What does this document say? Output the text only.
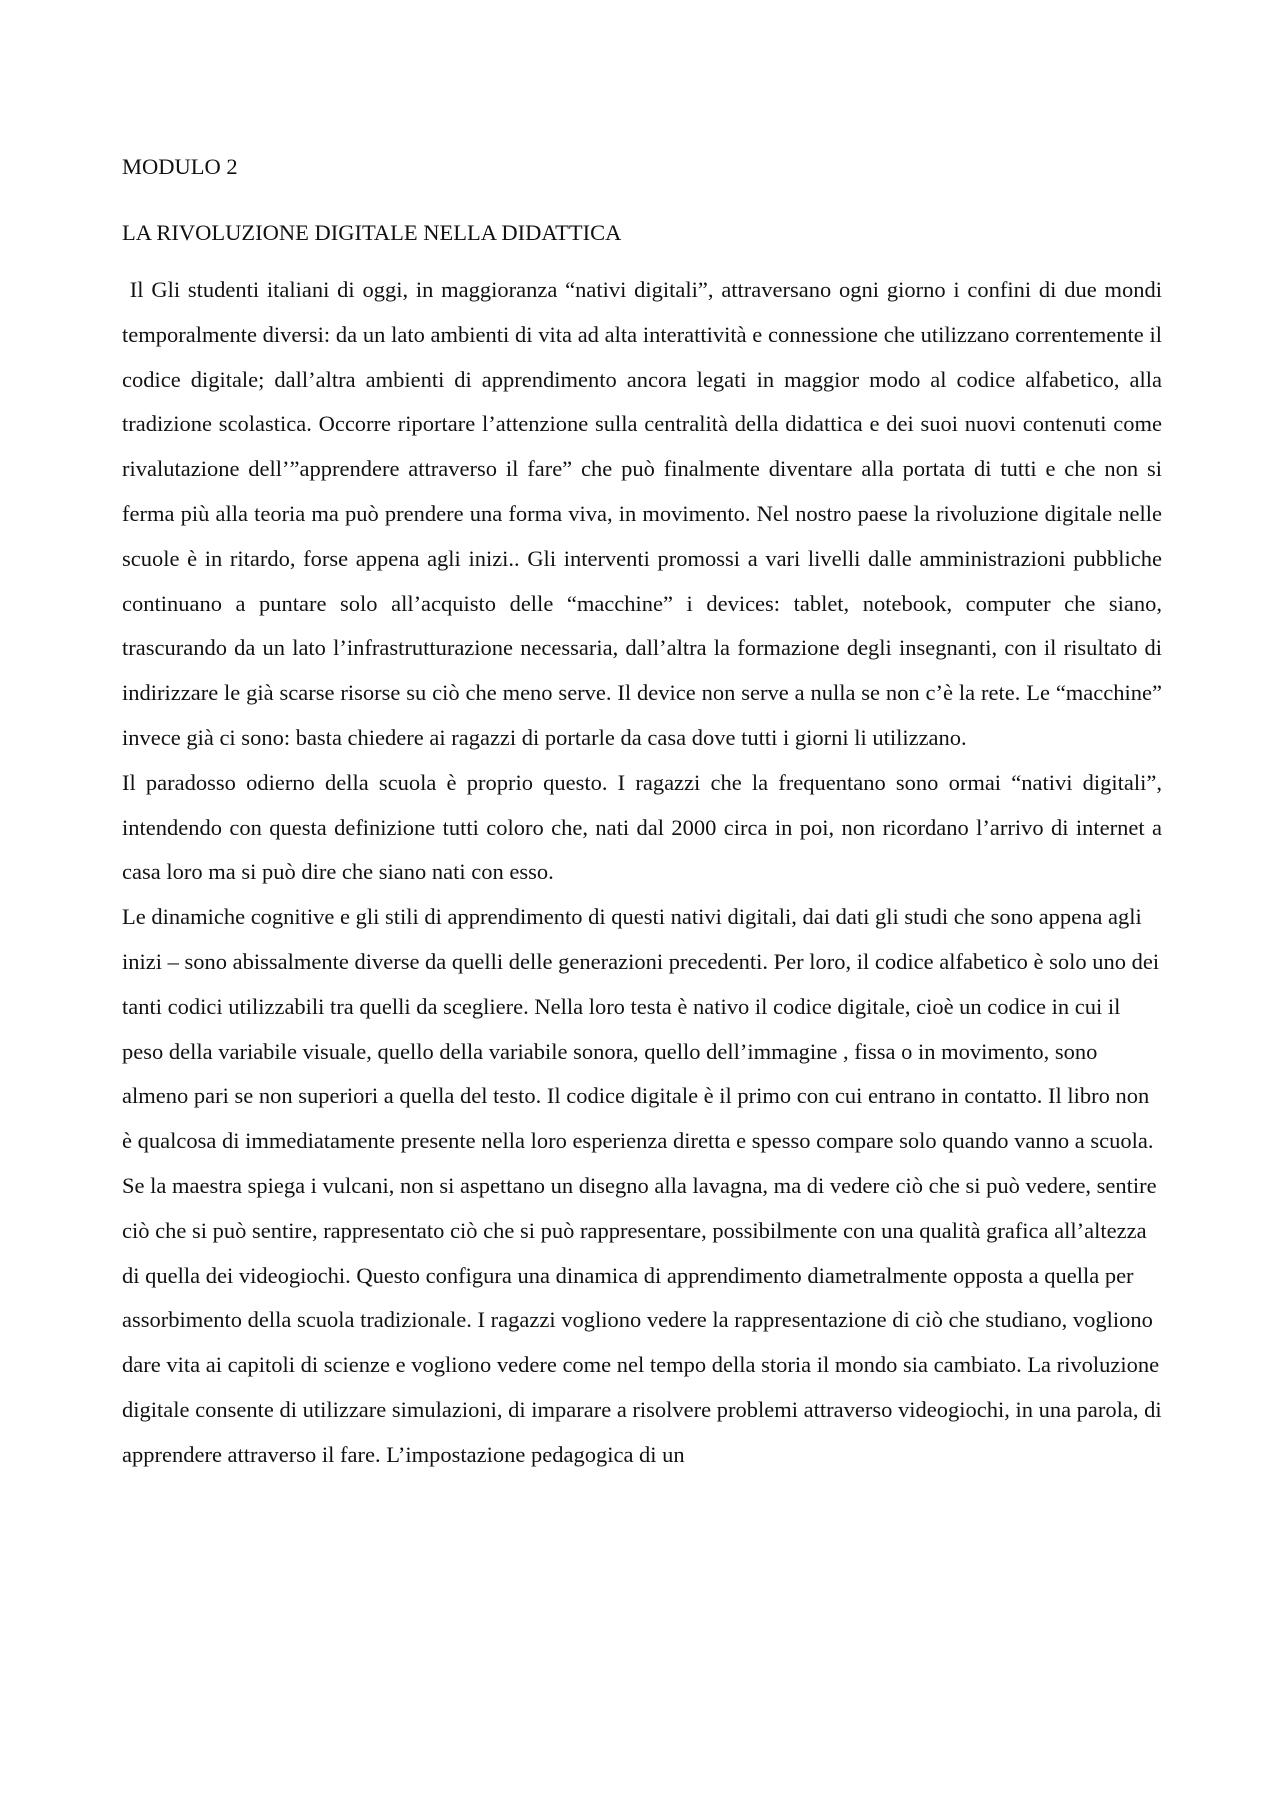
MODULO 2
LA RIVOLUZIONE DIGITALE NELLA DIDATTICA

Il Gli studenti italiani di oggi, in maggioranza “nativi digitali”, attraversano ogni giorno i confini di due mondi temporalmente diversi: da un lato ambienti di vita ad alta interattività e connessione che utilizzano correntemente il codice digitale; dall’altra ambienti di apprendimento ancora legati in maggior modo al codice alfabetico, alla tradizione scolastica. Occorre riportare l’attenzione sulla centralità della didattica e dei suoi nuovi contenuti come rivalutazione dell’”apprendere attraverso il fare” che può finalmente diventare alla portata di tutti e che non si ferma più alla teoria ma può prendere una forma viva, in movimento. Nel nostro paese la rivoluzione digitale nelle scuole è in ritardo, forse appena agli inizi.. Gli interventi promossi a vari livelli dalle amministrazioni pubbliche continuano a puntare solo all’acquisto delle “macchine” i devices: tablet, notebook, computer che siano, trascurando da un lato l’infrastrutturazione necessaria, dall’altra la formazione degli insegnanti, con il risultato di indirizzare le già scarse risorse su ciò che meno serve. Il device non serve a nulla se non c’è la rete. Le “macchine” invece già ci sono: basta chiedere ai ragazzi di portarle da casa dove tutti i giorni li utilizzano.

Il paradosso odierno della scuola è proprio questo. I ragazzi che la frequentano sono ormai “nativi digitali”, intendendo con questa definizione tutti coloro che, nati dal 2000 circa in poi, non ricordano l’arrivo di internet a casa loro ma si può dire che siano nati con esso.

Le dinamiche cognitive e gli stili di apprendimento di questi nativi digitali, dai dati gli studi che sono appena agli inizi – sono abissalmente diverse da quelli delle generazioni precedenti. Per loro, il codice alfabetico è solo uno dei tanti codici utilizzabili tra quelli da scegliere. Nella loro testa è nativo il codice digitale, cioè un codice in cui il peso della variabile visuale, quello della variabile sonora, quello dell’immagine , fissa o in movimento, sono almeno pari se non superiori a quella del testo. Il codice digitale è il primo con cui entrano in contatto. Il libro non è qualcosa di immediatamente presente nella loro esperienza diretta e spesso compare solo quando vanno a scuola. Se la maestra spiega i vulcani, non si aspettano un disegno alla lavagna, ma di vedere ciò che si può vedere, sentire ciò che si può sentire, rappresentato ciò che si può rappresentare, possibilmente con una qualità grafica all’altezza di quella dei videogiochi. Questo configura una dinamica di apprendimento diametralmente opposta a quella per assorbimento della scuola tradizionale. I ragazzi vogliono vedere la rappresentazione di ciò che studiano, vogliono dare vita ai capitoli di scienze e vogliono vedere come nel tempo della storia il mondo sia cambiato. La rivoluzione digitale consente di utilizzare simulazioni, di imparare a risolvere problemi attraverso videogiochi, in una parola, di apprendere attraverso il fare. L’impostazione pedagogica di un
